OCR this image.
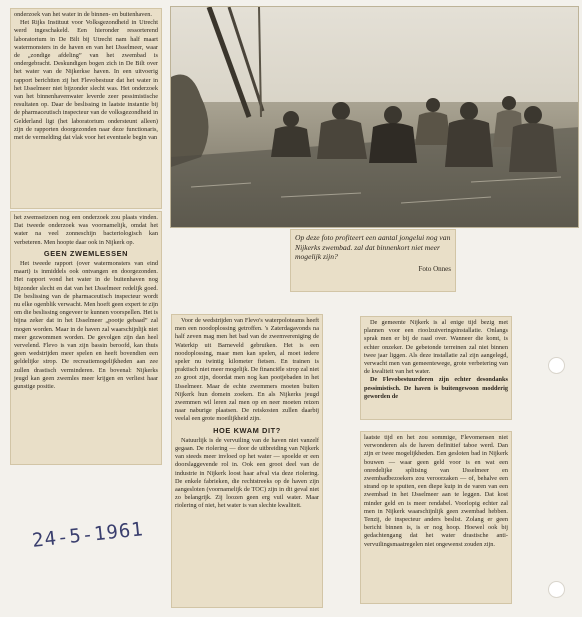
onderzoek van het water in de binnen- en buitenhaven.

Het Rijks Instituut voor Volksgezondheid in Utrecht werd ingeschakeld. Een hieronder ressorterend laboratorium in De Bilt bij Utrecht nam half maart watermonsters in de haven en van het IJsselmeer, waar de „zondige afdeling” van het zwembad is ondergebracht. Deskundigen bogen zich in De Bilt over het water van de Nijkerkse haven. In een uitvoerig rapport berichtten zij het Flevobestuur dat het water in het IJsselmeer niet bijzonder slecht was. Het onderzoek van het binnenhavenwater leverde zeer pessimistische resultaten op. Daar de beslissing in laatste instantie bij de pharmaceutisch inspecteur van de volksgezondheid in Gelderland ligt (het laboratorium ondersteunt alleen) zijn de rapporten doorgezonden naar deze functionaris, met de vermelding dat vlak voor het eventuele begin van

het zwemseizoen nog een onderzoek zou plaats vinden. Dat tweede onderzoek was voornamelijk, omdat het water na veel zonneschijn bacteriologisch kan verbeteren. Men hoopte daar ook in Nijkerk op.

GEEN ZWEMLESSEN

Het tweede rapport (over watermonsters van eind maart) is inmiddels ook ontvangen en doorgezonden. Het rapport vond het water in de buitenhaven nog bijzonder slecht en dat van het IJsselmeer redelijk goed. De beslissing van de pharmaceutisch inspecteur wordt nu elke ogenblik verwacht. Men hoeft geen expert te zijn om die beslissing ongeveer te kunnen voorspellen. Het is bijna zeker dat in het IJsselmeer „pootje gebaad” zal mogen worden. Maar in de haven zal waarschijnlijk niet meer gezwommen worden. De gevolgen zijn dan heel vervelend. Flevo is van zijn bassin beroofd, kan thuis geen wedstrijden meer spelen en heeft bovendien een geldelijke strop. De recreatiemogelijkheden aan zee zullen drastisch verminderen. En bovenal: Nijkerks jeugd kan geen zwemles meer krijgen en verliest haar gunstige positie.

Op deze foto profiteert een aantal jongelui nog van Nijkerks zwembad. zal dat binnenkort niet meer mogelijk zijn?
Foto Onnes

Voor de wedstrijden van Flevo's waterpoloteams heeft men een noodoplossing getroffen. 's Zaterdagavonds na half zeven mag men het bad van de zwemvereniging de Waterkip uit Barneveld gebruiken. Het is een noodoplossing, maar men kan spelen, al moet iedere speler nu twintig kilometer fietsen. En trainen is praktisch niet meer mogelijk. De financiële strop zal niet zo groot zijn, doordat men nog kan pootjebaden in het IJsselmeer. Maar de echte zwemmers moeten buiten Nijkerk hun domein zoeken. En als Nijkerks jeugd zwemmen wil leren zal men op en neer moeten reizen naar naburige plaatsen. De reiskosten zullen daarbij veelal een grote moeilijkheid zijn.

HOE KWAM DIT?

Natuurlijk is de vervuiling van de haven niet vanzelf gegaan. De riolering — door de uitbreiding van Nijkerk van steeds meer invloed op het water — spoelde er een doorslaggevende rol in. Ook een groot deel van de industrie in Nijkerk loost haar afval via deze riolering. De enkele fabrieken, die rechtstreeks op de haven zijn aangesloten (voornamelijk de TOC) zijn in dit geval niet zo belangrijk. Zij loozen geen erg vuil water. Maar riolering of niet, het water is van slechte kwaliteit.

De gemeente Nijkerk is al enige tijd bezig met plannen voor een rioolzuiveringsinstallatie. Onlangs sprak men er bij de raad over. Wanneer die komt, is echter onzeker. De gebetonde terreinen zal niet binnen twee jaar liggen. Als deze installatie zal zijn aangelegd, verwacht men van gemeentewege, grote verbetering van de kwaliteit van het water.

De Flevobestuurderen zijn echter desondanks pessimistisch. De haven is buitengewoon modderig geworden de

laatste tijd en het zou sommige, Flevomensen niet verwonderen als de haven definitief taboe werd. Dan zijn er twee mogelijkheden. Een gesloten bad in Nijkerk bouwen — waar geen geld voor is en wat een onredelijke splitsing van IJsselmeer en zwembadbezoekers zou veroorzaken — of, behalve een strand op te spuiten, een diepe kuip in de varen van een zwembad in het IJsselmeer aan te leggen. Dat kost minder geld en is meer rendabel. Voorlopig echter zal men in Nijkerk waarschijnlijk geen zwembad hebben. Tenzij, de inspecteur anders beslist. Zolang er geen bericht binnen is, is er nog hoop. Hoewel ook bij gedachtengang dat het water drastische anti-vervuilingsmaatregelen niet ongewenst zouden zijn.

24-5-1961
